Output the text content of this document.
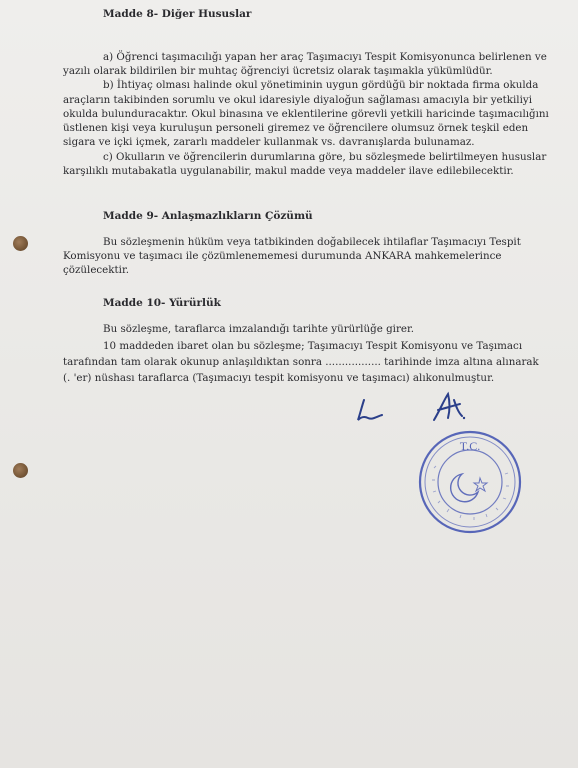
Madde 8- Diğer Hususlar
a) Öğrenci taşımacılığı yapan her araç Taşımacıyı Tespit Komisyonunca belirlenen ve
yazılı olarak bildirilen bir muhtaç öğrenciyi ücretsiz olarak taşımakla yükümlüdür.
b) İhtiyaç olması halinde okul yönetiminin uygun gördüğü bir noktada firma okulda
araçların takibinden sorumlu ve okul idaresiyle diyaloğun sağlaması amacıyla bir yetkiliyi
okulda bulunduracaktır. Okul binasına ve eklentilerine görevli yetkili haricinde taşımacılığını
üstlenen kişi veya kuruluşun personeli giremez ve öğrencilere olumsuz örnek teşkil eden
sigara ve içki içmek, zararlı maddeler kullanmak vs. davranışlarda bulunamaz.
c) Okulların ve öğrencilerin durumlarına göre, bu sözleşmede belirtilmeyen hususlar
karşılıklı mutabakatla uygulanabilir, makul madde veya maddeler ilave edilebilecektir.
Madde 9- Anlaşmazlıkların Çözümü
Bu sözleşmenin hüküm veya tatbikinden doğabilecek ihtilaflar Taşımacıyı Tespit
Komisyonu ve taşımacı ile çözümlenememesi durumunda ANKARA mahkemelerince
çözülecektir.
Madde 10- Yürürlük
Bu sözleşme, taraflarca imzalandığı tarihte yürürlüğe girer.
10 maddeden ibaret olan bu sözleşme; Taşımacıyı Tespit Komisyonu ve Taşımacı
tarafından tam olarak okunup anlaşıldıktan sonra ................. tarihinde imza altına alınarak
(. 'er) nüshası taraflarca (Taşımacıyı tespit komisyonu ve taşımacı) alıkonulmuştur.
T.C.
